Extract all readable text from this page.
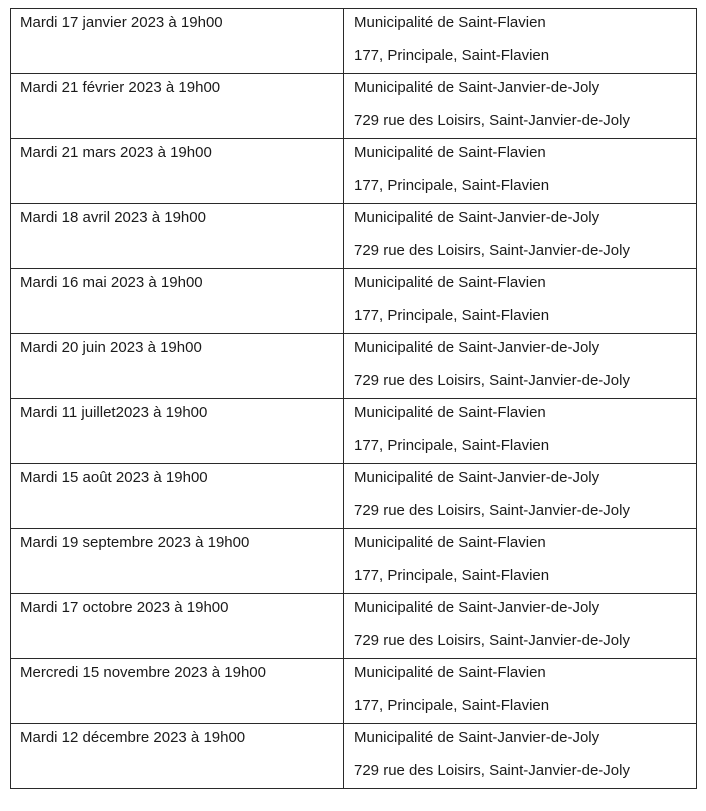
Mardi 17 janvier 2023 à 19h00	Municipalité de Saint-Flavien
177, Principale, Saint-Flavien

Mardi 21 février 2023 à 19h00	Municipalité de Saint-Janvier-de-Joly
729 rue des Loisirs, Saint-Janvier-de-Joly

Mardi 21 mars 2023 à 19h00	Municipalité de Saint-Flavien
177, Principale, Saint-Flavien

Mardi 18 avril 2023 à 19h00	Municipalité de Saint-Janvier-de-Joly
729 rue des Loisirs, Saint-Janvier-de-Joly

Mardi 16 mai 2023 à 19h00	Municipalité de Saint-Flavien
177, Principale, Saint-Flavien

Mardi 20 juin 2023 à 19h00	Municipalité de Saint-Janvier-de-Joly
729 rue des Loisirs, Saint-Janvier-de-Joly

Mardi 11 juillet2023 à 19h00	Municipalité de Saint-Flavien
177, Principale, Saint-Flavien

Mardi 15 août 2023 à 19h00	Municipalité de Saint-Janvier-de-Joly
729 rue des Loisirs, Saint-Janvier-de-Joly

Mardi 19 septembre 2023 à 19h00	Municipalité de Saint-Flavien
177, Principale, Saint-Flavien

Mardi 17 octobre 2023 à 19h00	Municipalité de Saint-Janvier-de-Joly
729 rue des Loisirs, Saint-Janvier-de-Joly

Mercredi 15 novembre 2023 à 19h00	Municipalité de Saint-Flavien
177, Principale, Saint-Flavien

Mardi 12 décembre 2023 à 19h00	Municipalité de Saint-Janvier-de-Joly
729 rue des Loisirs, Saint-Janvier-de-Joly
